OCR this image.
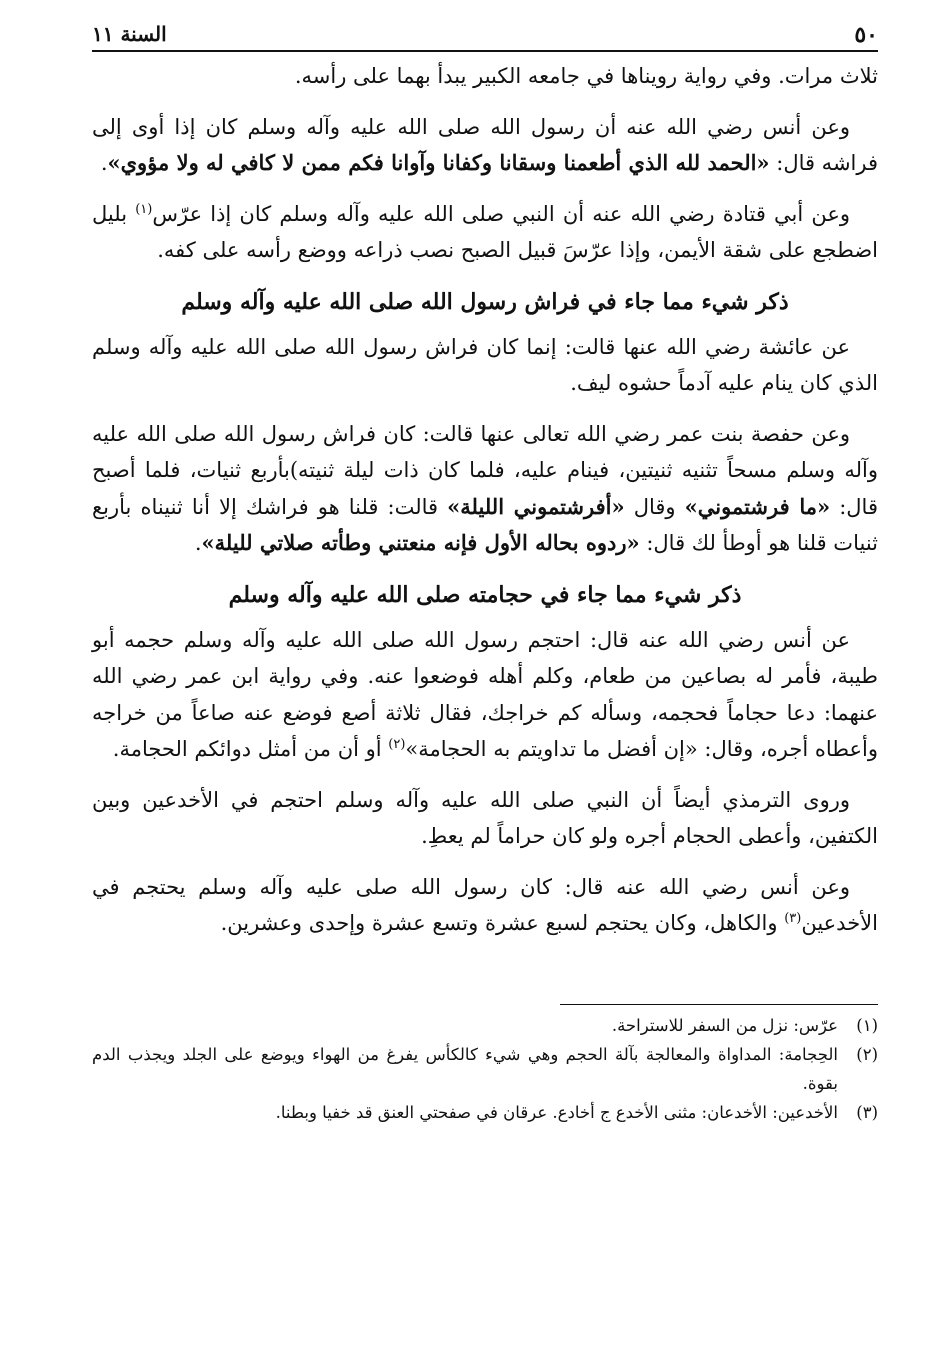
٥٠
السنة ١١

ثلاث مرات. وفي رواية رويناها في جامعه الكبير يبدأ بهما على رأسه.

وعن أنس رضي الله عنه أن رسول الله صلى الله عليه وآله وسلم كان إذا أوى إلى فراشه قال: «الحمد لله الذي أطعمنا وسقانا وكفانا وآوانا فكم ممن لا كافي له ولا مؤوي».

وعن أبي قتادة رضي الله عنه أن النبي صلى الله عليه وآله وسلم كان إذا عرّس$^{(١)}$ بليل اضطجع على شقة الأيمن، وإذا عرّسَ قبيل الصبح نصب ذراعه ووضع رأسه على كفه.

ذكر شيء مما جاء في فراش رسول الله صلى الله عليه وآله وسلم

عن عائشة رضي الله عنها قالت: إنما كان فراش رسول الله صلى الله عليه وآله وسلم الذي كان ينام عليه آدماً حشوه ليف.

وعن حفصة بنت عمر رضي الله تعالى عنها قالت: كان فراش رسول الله صلى الله عليه وآله وسلم مسحاً تثنيه ثنيتين، فينام عليه، فلما كان ذات ليلة ثنيته)بأربع ثنيات، فلما أصبح قال: «ما فرشتموني» وقال «أفرشتموني الليلة» قالت: قلنا هو فراشك إلا أنا ثنيناه بأربع ثنيات قلنا هو أوطأ لك قال: «ردوه بحاله الأول فإنه منعتني وطأته صلاتي لليلة».

ذكر شيء مما جاء في حجامته صلى الله عليه وآله وسلم

عن أنس رضي الله عنه قال: احتجم رسول الله صلى الله عليه وآله وسلم حجمه أبو طيبة، فأمر له بصاعين من طعام، وكلم أهله فوضعوا عنه. وفي رواية ابن عمر رضي الله عنهما: دعا حجاماً فحجمه، وسأله كم خراجك، فقال ثلاثة أصع فوضع عنه صاعاً من خراجه وأعطاه أجره، وقال: «إن أفضل ما تداويتم به الحجامة»$^{(٢)}$ أو أن من أمثل دوائكم الحجامة.

وروى الترمذي أيضاً أن النبي صلى الله عليه وآله وسلم احتجم في الأخدعين وبين الكتفين، وأعطى الحجام أجره ولو كان حراماً لم يعطِ.

وعن أنس رضي الله عنه قال: كان رسول الله صلى عليه وآله وسلم يحتجم في الأخدعين$^{(٣)}$ والكاهل، وكان يحتجم لسبع عشرة وتسع عشرة وإحدى وعشرين.

(١)
عرّس: نزل من السفر للاستراحة.
(٢)
الحِجامة: المداواة والمعالجة بآلة الحجم وهي شيء كالكأس يفرغ من الهواء ويوضع على الجلد ويجذب الدم بقوة.
(٣)
الأخدعين: الأخدعان: مثنى الأخدع ج أخادع. عرقان في صفحتي العنق قد خفيا وبطنا.
